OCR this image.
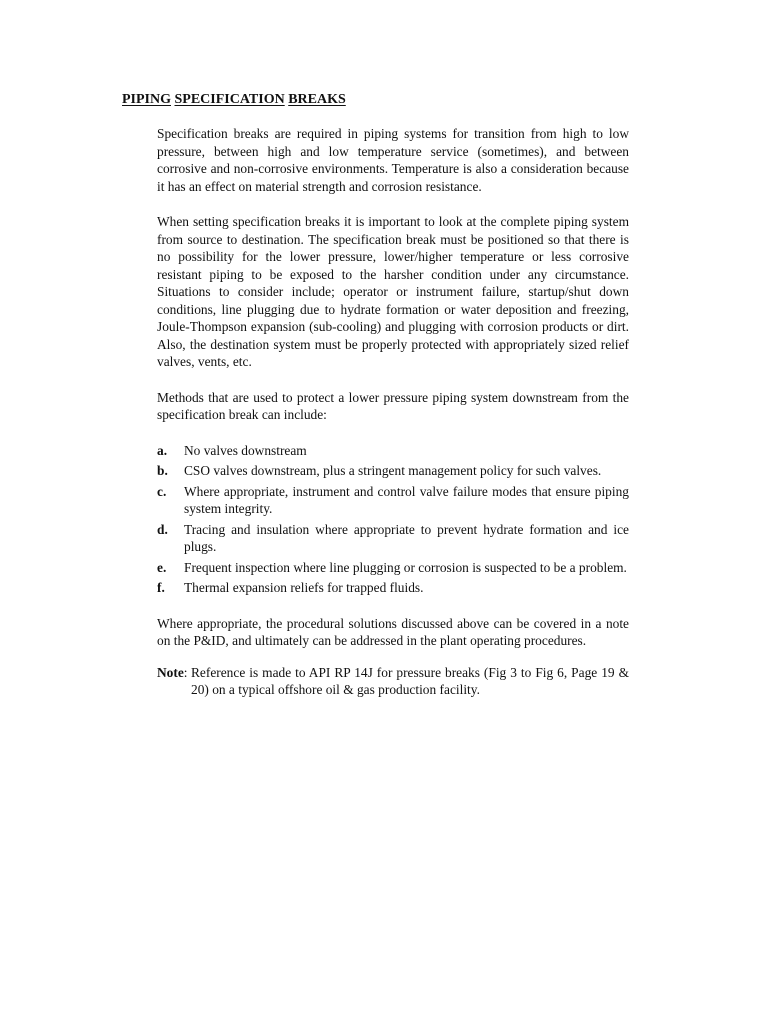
PIPING SPECIFICATION BREAKS

Specification breaks are required in piping systems for transition from high to low pressure, between high and low temperature service (sometimes), and between corrosive and non-corrosive environments. Temperature is also a consideration because it has an effect on material strength and corrosion resistance.

When setting specification breaks it is important to look at the complete piping system from source to destination. The specification break must be positioned so that there is no possibility for the lower pressure, lower/higher temperature or less corrosive resistant piping to be exposed to the harsher condition under any circumstance. Situations to consider include; operator or instrument failure, startup/shut down conditions, line plugging due to hydrate formation or water deposition and freezing, Joule-Thompson expansion (sub-cooling) and plugging with corrosion products or dirt. Also, the destination system must be properly protected with appropriately sized relief valves, vents, etc.

Methods that are used to protect a lower pressure piping system downstream from the specification break can include:

a.	No valves downstream
b.	CSO valves downstream, plus a stringent management policy for such valves.
c.	Where appropriate, instrument and control valve failure modes that ensure piping system integrity.
d.	Tracing and insulation where appropriate to prevent hydrate formation and ice plugs.
e.	Frequent inspection where line plugging or corrosion is suspected to be a problem.
f.	Thermal expansion reliefs for trapped fluids.

Where appropriate, the procedural solutions discussed above can be covered in a note on the P&ID, and ultimately can be addressed in the plant operating procedures.

Note: Reference is made to API RP 14J for pressure breaks (Fig 3 to Fig 6, Page 19 & 20) on a typical offshore oil & gas production facility.
